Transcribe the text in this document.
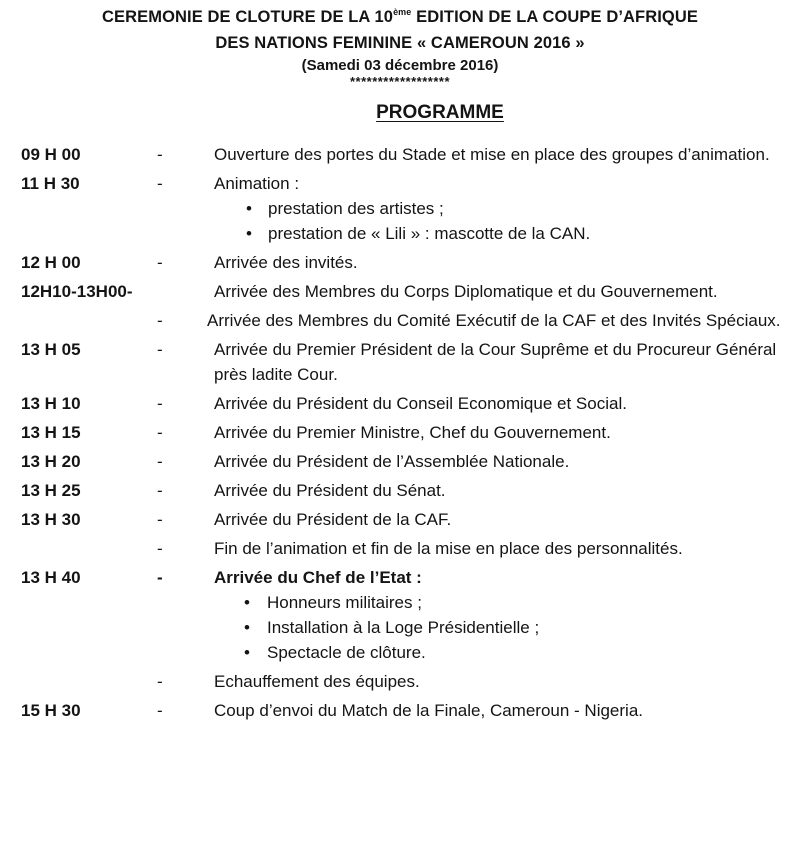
CEREMONIE DE CLOTURE DE LA 10ème EDITION DE LA COUPE D’AFRIQUE
DES NATIONS FEMININE « CAMEROUN 2016 »
(Samedi 03 décembre 2016)
******************
PROGRAMME
09 H 00	-	Ouverture des portes du Stade et mise en place des groupes d’animation.
11 H 30	-	Animation :
• prestation des artistes ;
• prestation de « Lili » : mascotte de la CAN.
12 H 00	-	Arrivée des invités.
12H10-13H00-	Arrivée des Membres du Corps Diplomatique et du Gouvernement.
-	Arrivée des Membres du Comité Exécutif de la CAF et des Invités Spéciaux.
13 H 05	-	Arrivée du Premier Président de la Cour Suprême et du Procureur Général près ladite Cour.
13 H 10	-	Arrivée du Président du Conseil Economique et Social.
13 H 15	-	Arrivée du Premier Ministre, Chef du Gouvernement.
13 H 20	-	Arrivée du Président de l’Assemblée Nationale.
13 H 25	-	Arrivée du Président du Sénat.
13 H 30	-	Arrivée du Président de la CAF.
-	Fin de l’animation et fin de la mise en place des personnalités.
13 H 40	-	Arrivée du Chef de l’Etat :
• Honneurs militaires ;
• Installation à la Loge Présidentielle ;
• Spectacle de clôture.
-	Echauffement des équipes.
15 H 30	-	Coup d’envoi du Match de la Finale, Cameroun - Nigeria.
